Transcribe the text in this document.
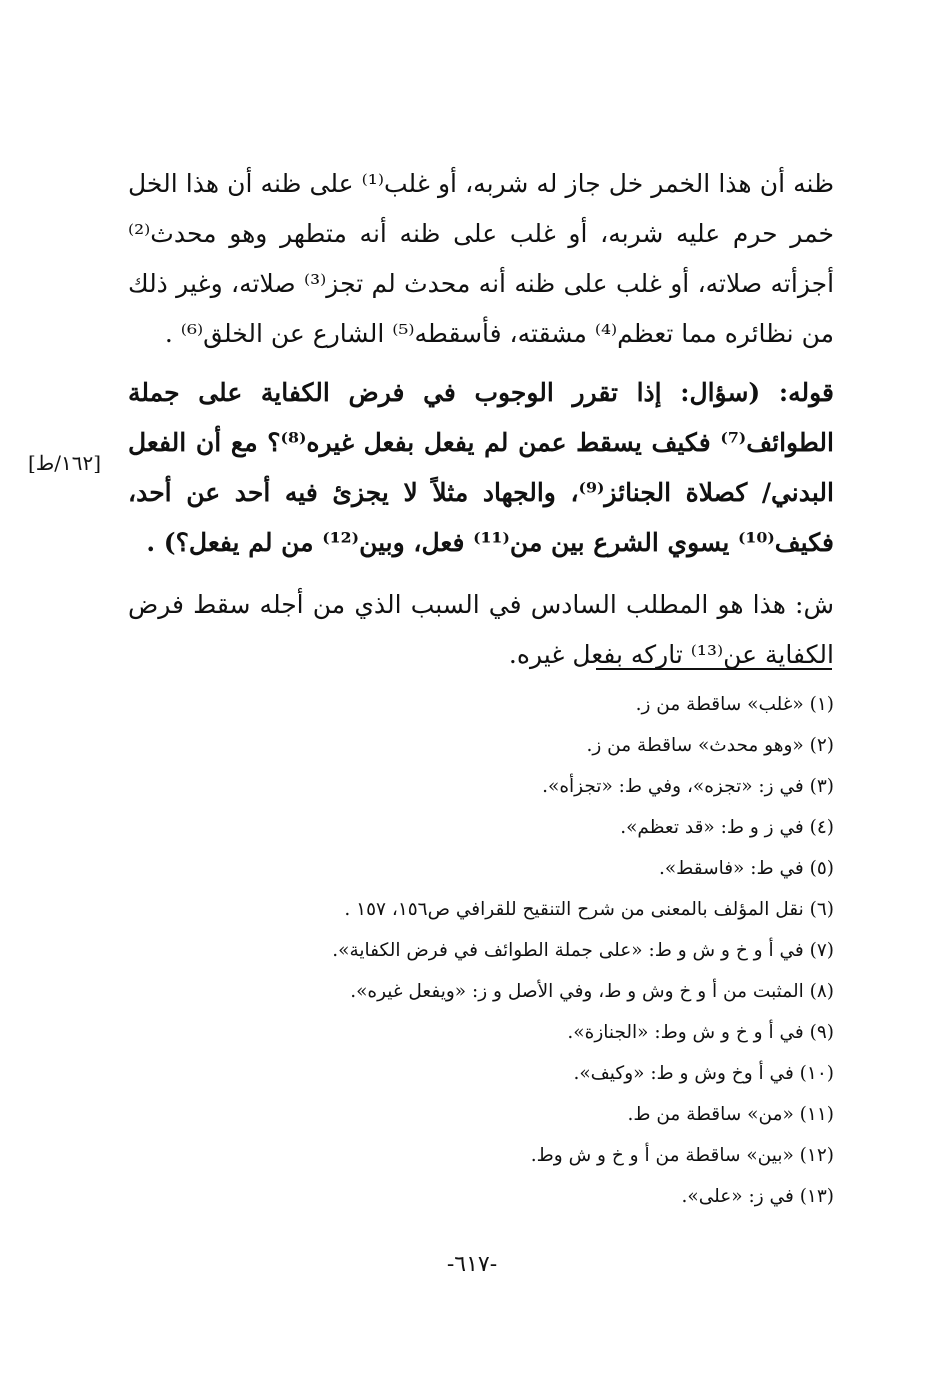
ظنه أن هذا الخمر خل جاز له شربه، أو غلب⁽¹⁾ على ظنه أن هذا الخل خمر حرم عليه شربه، أو غلب على ظنه أنه متطهر وهو محدث⁽²⁾ أجزأته صلاته، أو غلب على ظنه أنه محدث لم تجز⁽³⁾ صلاته، وغير ذلك من نظائره مما تعظم⁽⁴⁾ مشقته، فأسقطه⁽⁵⁾ الشارع عن الخلق⁽⁶⁾ .

قوله: (سؤال: إذا تقرر الوجوب في فرض الكفاية على جملة الطوائف⁽⁷⁾ فكيف يسقط عمن لم يفعل بفعل غيره⁽⁸⁾؟ مع أن الفعل البدني/ كصلاة الجنائز⁽⁹⁾، والجهاد مثلاً لا يجزئ فيه أحد عن أحد، فكيف⁽¹⁰⁾ يسوي الشرع بين من⁽¹¹⁾ فعل، وبين⁽¹²⁾ من لم يفعل؟) .

[١٦٢/ط]

ش: هذا هو المطلب السادس في السبب الذي من أجله سقط فرض الكفاية عن⁽¹³⁾ تاركه بفعل غيره.

(١) «غلب» ساقطة من ز.
(٢) «وهو محدث» ساقطة من ز.
(٣) في ز: «تجزه»، وفي ط: «تجزأه».
(٤) في ز و ط: «قد تعظم».
(٥) في ط: «فاسقط».
(٦) نقل المؤلف بالمعنى من شرح التنقيح للقرافي ص١٥٦، ١٥٧ .
(٧) في أ و خ و ش و ط: «على جملة الطوائف في فرض الكفاية».
(٨) المثبت من أ و خ وش و ط، وفي الأصل و ز: «ويفعل غيره».
(٩) في أ و خ و ش وط: «الجنازة».
(١٠) في أ وخ وش و ط: «وكيف».
(١١) «من» ساقطة من ط.
(١٢) «بين» ساقطة من أ و خ و ش وط.
(١٣) في ز: «على».
-٦١٧-
